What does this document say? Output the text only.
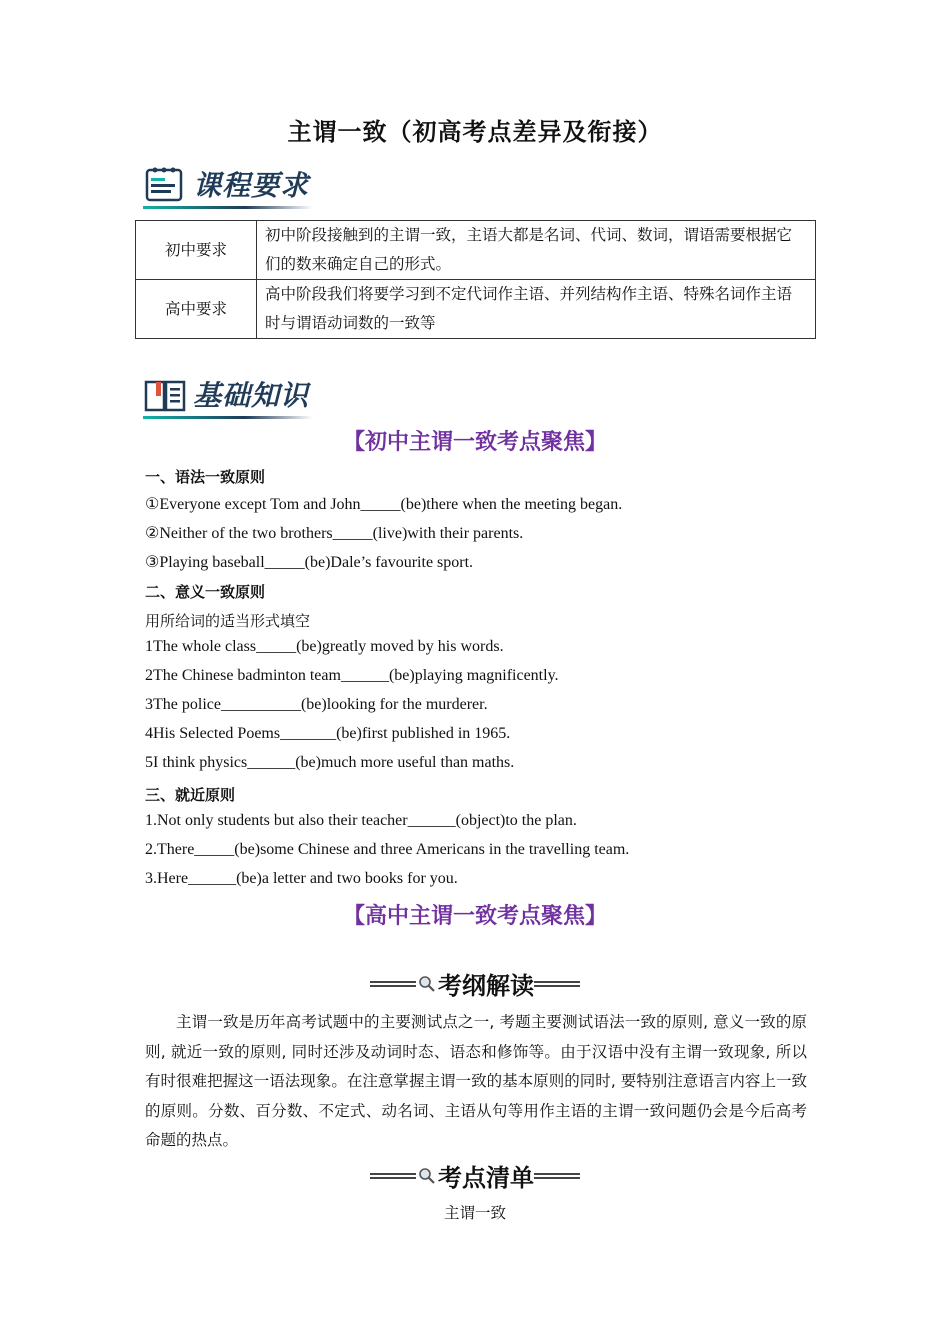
主谓一致（初高考点差异及衔接）
课程要求
初中要求	初中阶段接触到的主谓一致，主语大都是名词、代词、数词，谓语需要根据它们的数来确定自己的形式。
高中要求	高中阶段我们将要学习到不定代词作主语、并列结构作主语、特殊名词作主语时与谓语动词数的一致等
基础知识
【初中主谓一致考点聚焦】
一、语法一致原则
①Everyone except Tom and John_____(be)there when the meeting began.
②Neither of the two brothers_____(live)with their parents.
③Playing baseball_____(be)Dale’s favourite sport.
二、意义一致原则
用所给词的适当形式填空
1The whole class_____(be)greatly moved by his words.
2The Chinese badminton team______(be)playing magnificently.
3The police__________(be)looking for the murderer.
4His Selected Poems_______(be)first published in 1965.
5I think physics______(be)much more useful than maths.
三、就近原则
1.Not only students but also their teacher______(object)to the plan.
2.There_____(be)some Chinese and three Americans in the travelling team.
3.Here______(be)a letter and two books for you.
【高中主谓一致考点聚焦】
考纲解读
主谓一致是历年高考试题中的主要测试点之一, 考题主要测试语法一致的原则, 意义一致的原则, 就近一致的原则, 同时还涉及动词时态、语态和修饰等。由于汉语中没有主谓一致现象, 所以有时很难把握这一语法现象。在注意掌握主谓一致的基本原则的同时, 要特别注意语言内容上一致的原则。分数、百分数、不定式、动名词、主语从句等用作主语的主谓一致问题仍会是今后高考命题的热点。
考点清单
主谓一致
